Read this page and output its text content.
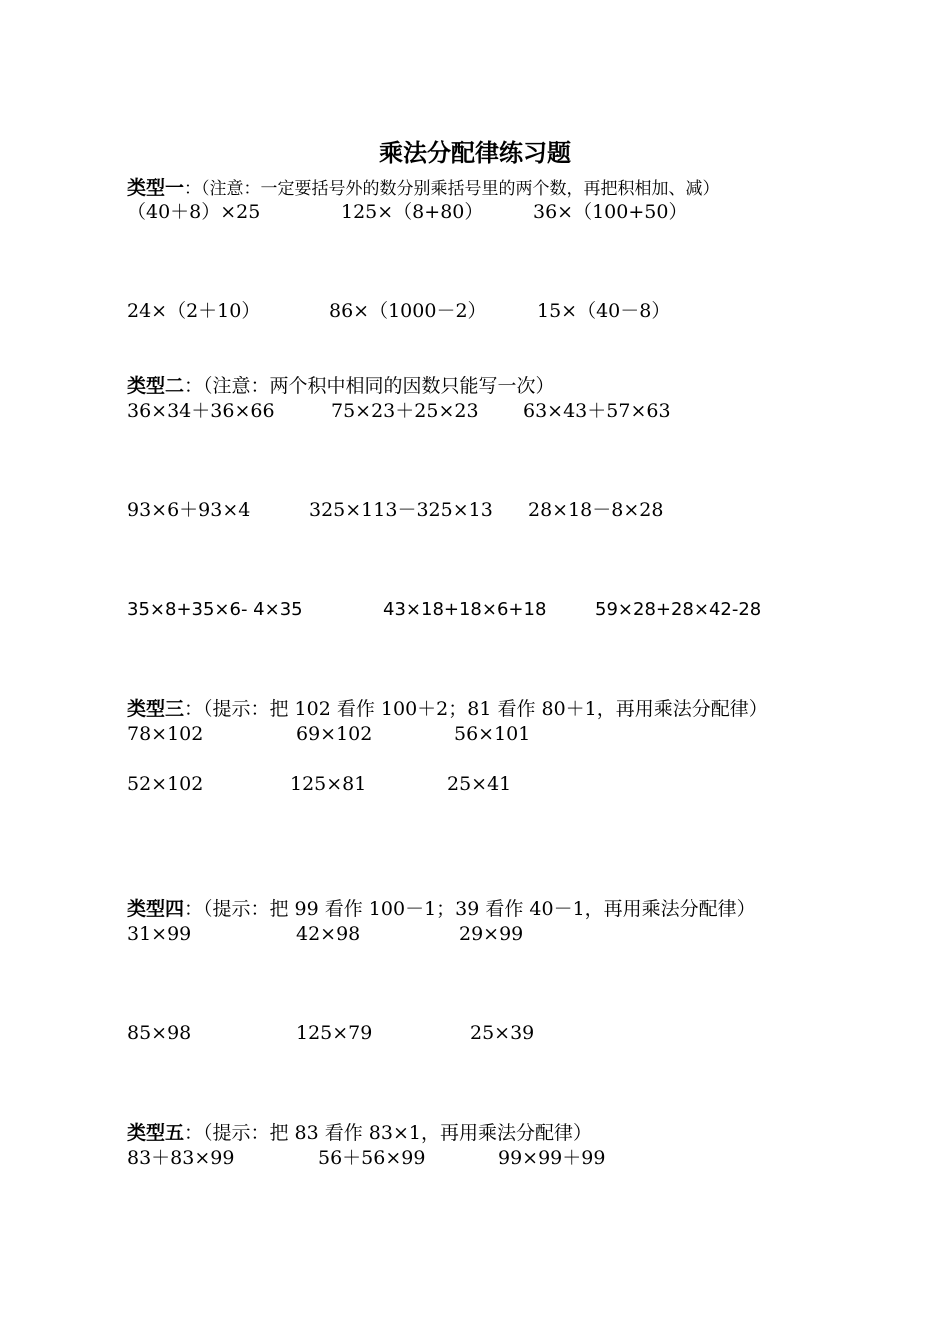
乘法分配律练习题
类型一：（注意：一定要括号外的数分别乘括号里的两个数，再把积相加、减）
（40＋8）×25	125×（8+80）	36×（100+50）
24×（2＋10）	86×（1000－2）	15×（40－8）
类型二：（注意：两个积中相同的因数只能写一次）
36×34＋36×66	75×23＋25×23 63×43＋57×63
93×6＋93×4	325×113－325×13 28×18－8×28
35×8+35×6- 4×35	43×18+18×6+18	59×28+28×42-28
类型三：（提示：把 102 看作 100＋2；81 看作 80＋1，再用乘法分配律）
78×102	69×102	56×101
52×102	125×81	25×41
类型四：（提示：把 99 看作 100－1；39 看作 40－1，再用乘法分配律）
31×99	42×98	29×99
85×98	125×79	25×39
类型五：（提示：把 83 看作 83×1，再用乘法分配律）
83＋83×99	56＋56×99	99×99＋99
